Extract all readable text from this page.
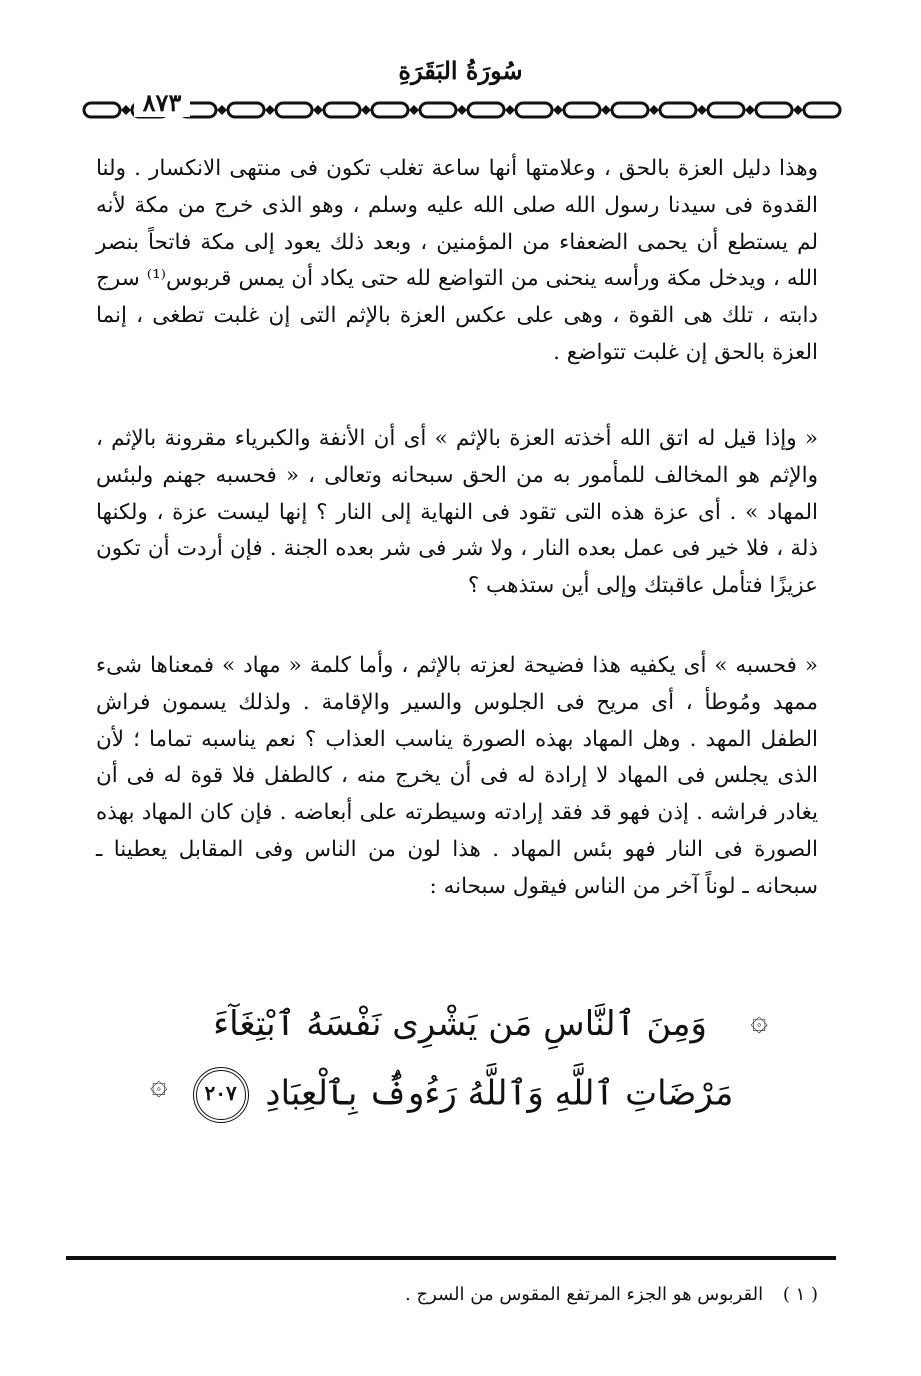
سُورَةُ البَقَرَةِ
٨٧٣

وهذا دليل العزة بالحق ، وعلامتها أنها ساعة تغلب تكون فى منتهى الانكسار . ولنا القدوة فى سيدنا رسول الله صلى الله عليه وسلم ، وهو الذى خرج من مكة لأنه لم يستطع أن يحمى الضعفاء من المؤمنين ، وبعد ذلك يعود إلى مكة فاتحاً بنصر الله ، ويدخل مكة ورأسه ينحنى من التواضع لله حتى يكاد أن يمس قربوس⁽¹⁾ سرج دابته ، تلك هى القوة ، وهى على عكس العزة بالإثم التى إن غلبت تطغى ، إنما العزة بالحق إن غلبت تتواضع .

« وإذا قيل له اتق الله أخذته العزة بالإثم » أى أن الأنفة والكبرياء مقرونة بالإثم ، والإثم هو المخالف للمأمور به من الحق سبحانه وتعالى ، « فحسبه جهنم ولبئس المهاد » . أى عزة هذه التى تقود فى النهاية إلى النار ؟ إنها ليست عزة ، ولكنها ذلة ، فلا خير فى عمل بعده النار ، ولا شر فى شر بعده الجنة . فإن أردت أن تكون عزيزًا فتأمل عاقبتك وإلى أين ستذهب ؟

« فحسبه » أى يكفيه هذا فضيحة لعزته بالإثم ، وأما كلمة « مهاد » فمعناها شىء ممهد ومُوطأ ، أى مريح فى الجلوس والسير والإقامة . ولذلك يسمون فراش الطفل المهد . وهل المهاد بهذه الصورة يناسب العذاب ؟ نعم يناسبه تماما ؛ لأن الذى يجلس فى المهاد لا إرادة له فى أن يخرج منه ، كالطفل فلا قوة له فى أن يغادر فراشه . إذن فهو قد فقد إرادته وسيطرته على أبعاضه . فإن كان المهاد بهذه الصورة فى النار فهو بئس المهاد . هذا لون من الناس وفى المقابل يعطينا ـ سبحانه ـ لوناً آخر من الناس فيقول سبحانه :

۞
وَمِنَ ٱلنَّاسِ مَن يَشْرِى نَفْسَهُ ٱبْتِغَآءَ
مَرْضَاتِ ٱللَّهِ وَٱللَّهُ رَءُوفٌۢ بِٱلْعِبَادِ ٢٠٧
۞
( ١ ) القربوس هو الجزء المرتفع المقوس من السرج .
